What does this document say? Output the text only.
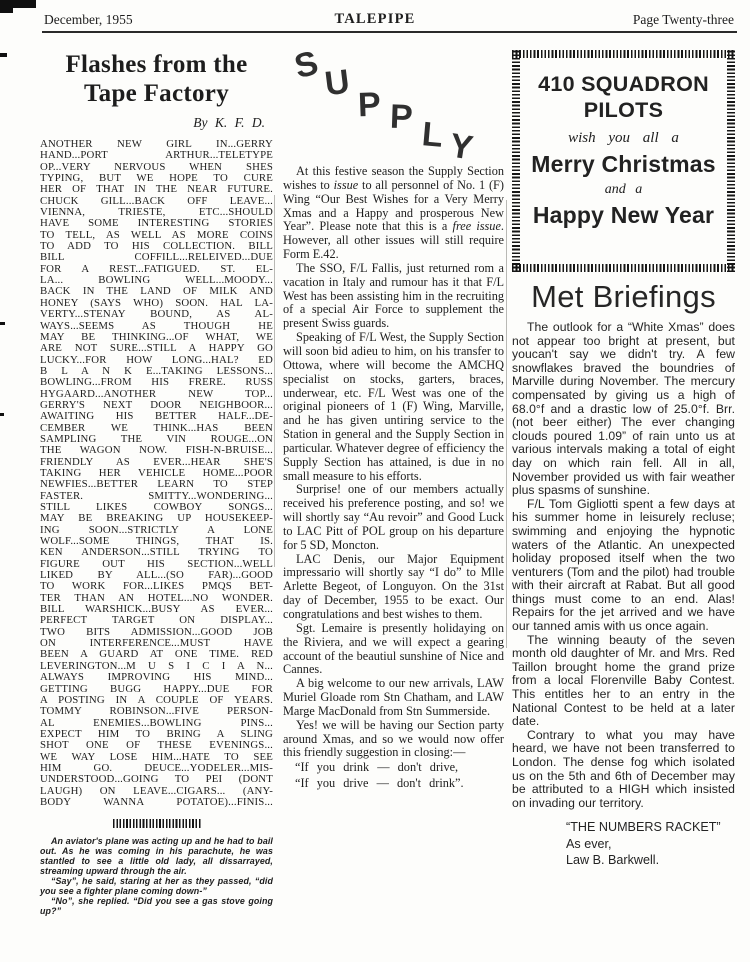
December, 1955	TALEPIPE	Page Twenty-three
Flashes from the
Tape Factory
By K. F. D.
ANOTHER NEW GIRL IN...GERRY
HAND...PORT ARTHUR...TELETYPE
OP...VERY NERVOUS WHEN SHES
TYPING, BUT WE HOPE TO CURE
HER OF THAT IN THE NEAR FUTURE.
CHUCK GILL...BACK OFF LEAVE...
VIENNA, TRIESTE, ETC...SHOULD
HAVE SOME INTERESTING STORIES
TO TELL, AS WELL AS MORE COINS
TO ADD TO HIS COLLECTION. BILL
BILL COFFILL...RELEIVED...DUE
FOR A REST...FATIGUED. ST. EL-
LA... BOWLING WELL...MOODY...
BACK IN THE LAND OF MILK AND
HONEY (SAYS WHO) SOON. HAL LA-
VERTY...STENAY BOUND, AS AL-
WAYS...SEEMS AS THOUGH HE
MAY BE THINKING...OF WHAT, WE
ARE NOT SURE...STILL A HAPPY GO
LUCKY...FOR HOW LONG...HAL? ED
B L A N K E...TAKING LESSONS...
BOWLING...FROM HIS FRERE. RUSS
HYGAARD...ANOTHER NEW TOP...
GERRY'S NEXT DOOR NEIGHBOOR...
AWAITING HIS BETTER HALF...DE-
CEMBER WE THINK...HAS BEEN
SAMPLING THE VIN ROUGE...ON
THE WAGON NOW. FISH-N-BRUISE...
FRIENDLY AS EVER...HEAR SHE'S
TAKING HER VEHICLE HOME...POOR
NEWFIES...BETTER LEARN TO STEP
FASTER. SMITTY...WONDERING...
STILL LIKES COWBOY SONGS...
MAY BE BREAKING UP HOUSEKEEP-
ING SOON...STRICTLY A LONE
WOLF...SOME THINGS, THAT IS.
KEN ANDERSON...STILL TRYING TO
FIGURE OUT HIS SECTION...WELL
LIKED BY ALL...(SO FAR)...GOOD
TO WORK FOR...LIKES PMQS BET-
TER THAN AN HOTEL...NO WONDER.
BILL WARSHICK...BUSY AS EVER...
PERFECT TARGET ON DISPLAY...
TWO BITS ADMISSION...GOOD JOB
ON INTERFERENCE...MUST HAVE
BEEN A GUARD AT ONE TIME. RED
LEVERINGTON...M U S I C I A N...
ALWAYS IMPROVING HIS MIND...
GETTING BUGG HAPPY...DUE FOR
A POSTING IN A COUPLE OF YEARS.
TOMMY ROBINSON...FIVE PERSON-
AL ENEMIES...BOWLING PINS...
EXPECT HIM TO BRING A SLING
SHOT ONE OF THESE EVENINGS...
WE WAY LOSE HIM...HATE TO SEE
HIM GO. DEUCE...YODELER...MIS-
UNDERSTOOD...GOING TO PEI (DONT
LAUGH) ON LEAVE...CIGARS... (ANY-
BODY WANNA POTATOE)...FINIS...
An aviator's plane was acting up and he had to bail out. As he was coming in his parachute, he was stantled to see a little old lady, all dissarrayed, streaming upward through the air.
“Say”, he said, staring at her as they passed, “did you see a fighter plane coming down-”
“No”, she replied. “Did you see a gas stove going up?”
S U
P P L Y
At this festive season the Supply Section wishes to issue to all personnel of No. 1 (F) Wing “Our Best Wishes for a Very Merry Xmas and a Happy and prosperous New Year”. Please note that this is a free issue. However, all other issues will still require Form E.42.
The SSO, F/L Fallis, just returned rom a vacation in Italy and rumour has it that F/L West has been assisting him in the recruiting of a special Air Force to supplement the present Swiss guards.
Speaking of F/L West, the Supply Section will soon bid adieu to him, on his transfer to Ottowa, where will become the AMCHQ specialist on stocks, garters, braces, underwear, etc. F/L West was one of the original pioneers of 1 (F) Wing, Marville, and he has given untiring service to the Station in general and the Supply Section in particular. Whatever degree of efficiency the Supply Section has attained, is due in no small measure to his efforts.
Surprise! one of our members actually received his preference posting, and so! we will shortly say “Au revoir” and Good Luck to LAC Pitt of POL group on his departure for 5 SD, Moncton.
LAC Denis, our Major Equipment impressario will shortly say “I do” to Mlle Arlette Begeot, of Longuyon. On the 31st day of December, 1955 to be exact. Our congratulations and best wishes to them.
Sgt. Lemaire is presently holidaying on the Riviera, and we will expect a gearing account of the beautiul sunshine of Nice and Cannes.
A big welcome to our new arrivals, LAW Muriel Gloade rom Stn Chatham, and LAW Marge MacDonald from Stn Summerside.
Yes! we will be having our Section party around Xmas, and so we would now offer this friendly suggestion in closing:—
“If you drink — don't drive,
“If you drive — don't drink”.
410 SQUADRON
PILOTS
wish you all a
Merry Christmas
and a
Happy New Year
Met Briefings
The outlook for a “White Xmas” does not appear too bright at present, but youcan't say we didn't try. A few snowflakes braved the boundries of Marville during November. The mercury compensated by giving us a high of 68.0°f and a drastic low of 25.0°f. Brr. (not beer either) The ever changing clouds poured 1.09” of rain unto us at various intervals making a total of eight day on which rain fell. All in all, November provided us with fair weather plus spasms of sunshine.
F/L Tom Gigliotti spent a few days at his summer home in leisurely recluse; swimming and enjoying the hypnotic waters of the Atlantic. An unexpected holiday proposed itself when the two venturers (Tom and the pilot) had trouble with their aircraft at Rabat. But all good things must come to an end. Alas! Repairs for the jet arrived and we have our tanned amis with us once again.
The winning beauty of the seven month old daughter of Mr. and Mrs. Red Taillon brought home the grand prize from a local Florenville Baby Contest. This entitles her to an entry in the National Contest to be held at a later date.
Contrary to what you may have heard, we have not been transferred to London. The dense fog which isolated us on the 5th and 6th of December may be attributed to a HIGH which insisted on invading our territory.
“THE NUMBERS RACKET”
As ever,
Law B. Barkwell.
